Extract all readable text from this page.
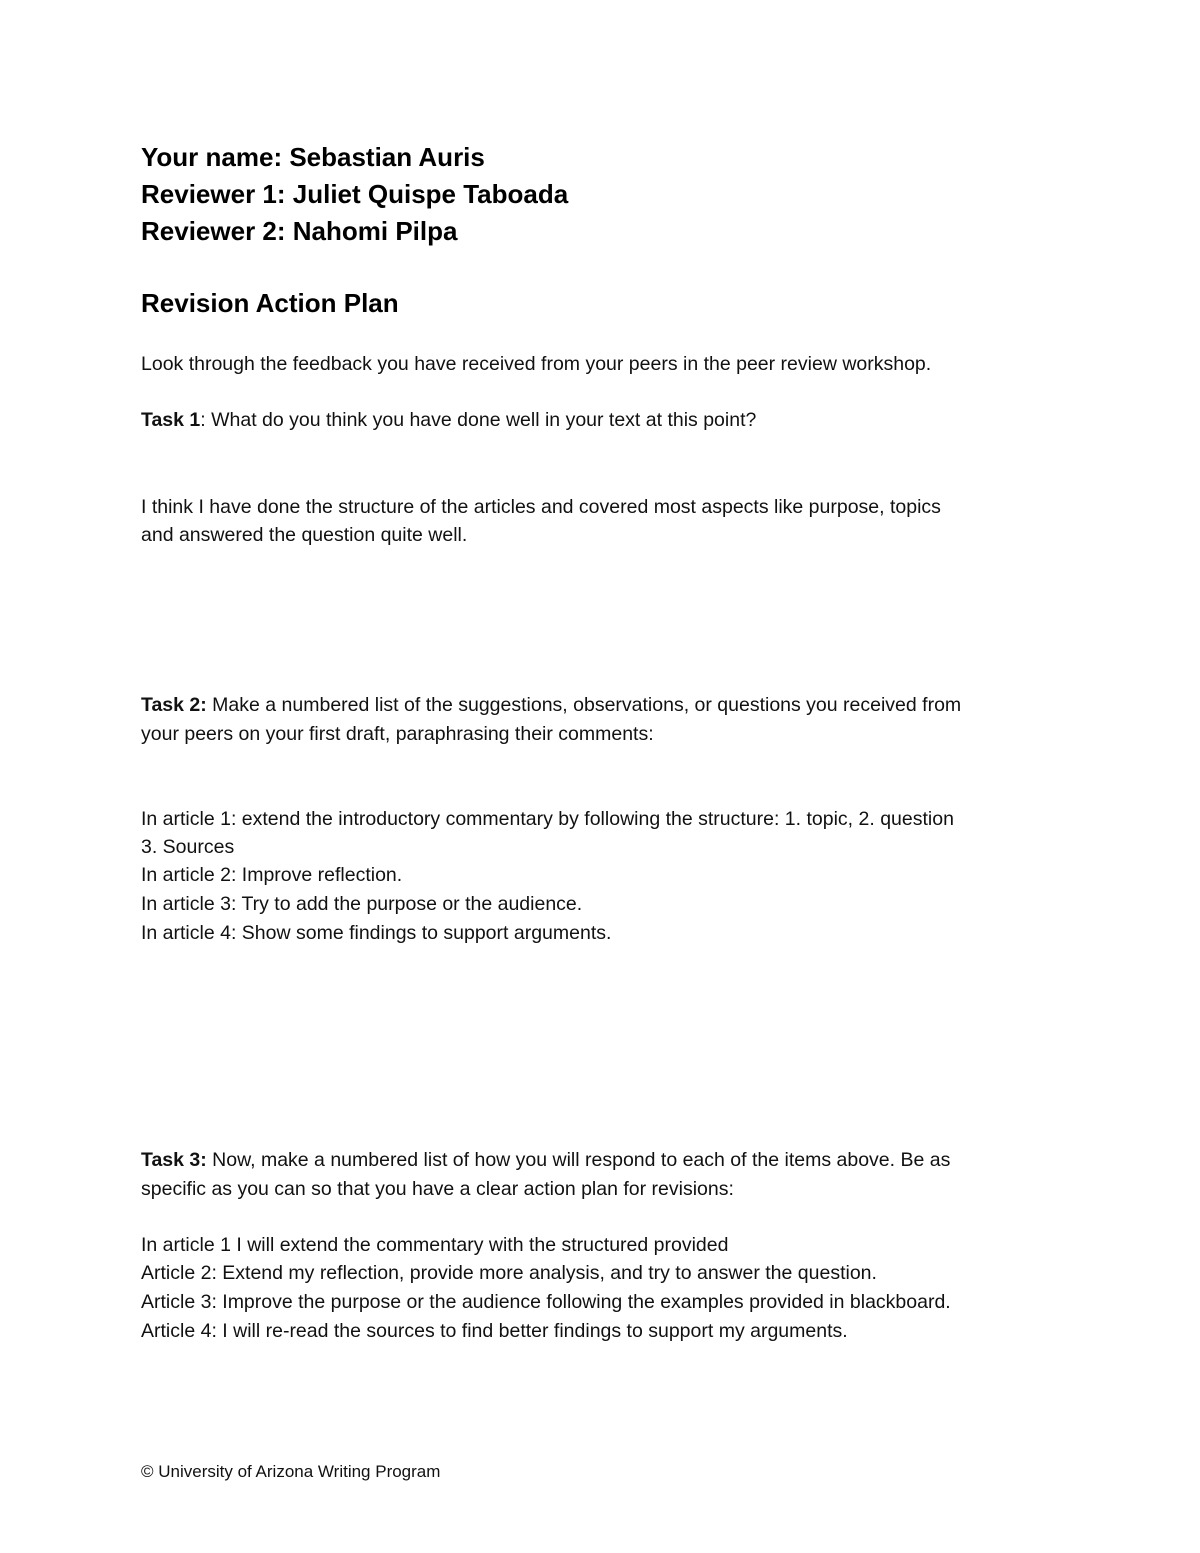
Your name: Sebastian Auris
Reviewer 1: Juliet Quispe Taboada
Reviewer 2: Nahomi Pilpa
Revision Action Plan
Look through the feedback you have received from your peers in the peer review workshop.
Task 1: What do you think you have done well in your text at this point?
I think I have done the structure of the articles and covered most aspects like purpose, topics
and answered the question quite well.
Task 2: Make a numbered list of the suggestions, observations, or questions you received from
your peers on your first draft, paraphrasing their comments:
In article 1: extend the introductory commentary by following the structure: 1. topic, 2. question
3. Sources
In article 2: Improve reflection.
In article 3: Try to add the purpose or the audience.
In article 4: Show some findings to support arguments.
Task 3: Now, make a numbered list of how you will respond to each of the items above. Be as
specific as you can so that you have a clear action plan for revisions:
In article 1 I will extend the commentary with the structured provided
Article 2: Extend my reflection, provide more analysis, and try to answer the question.
Article 3: Improve the purpose or the audience following the examples provided in blackboard.
Article 4: I will re-read the sources to find better findings to support my arguments.
© University of Arizona Writing Program
